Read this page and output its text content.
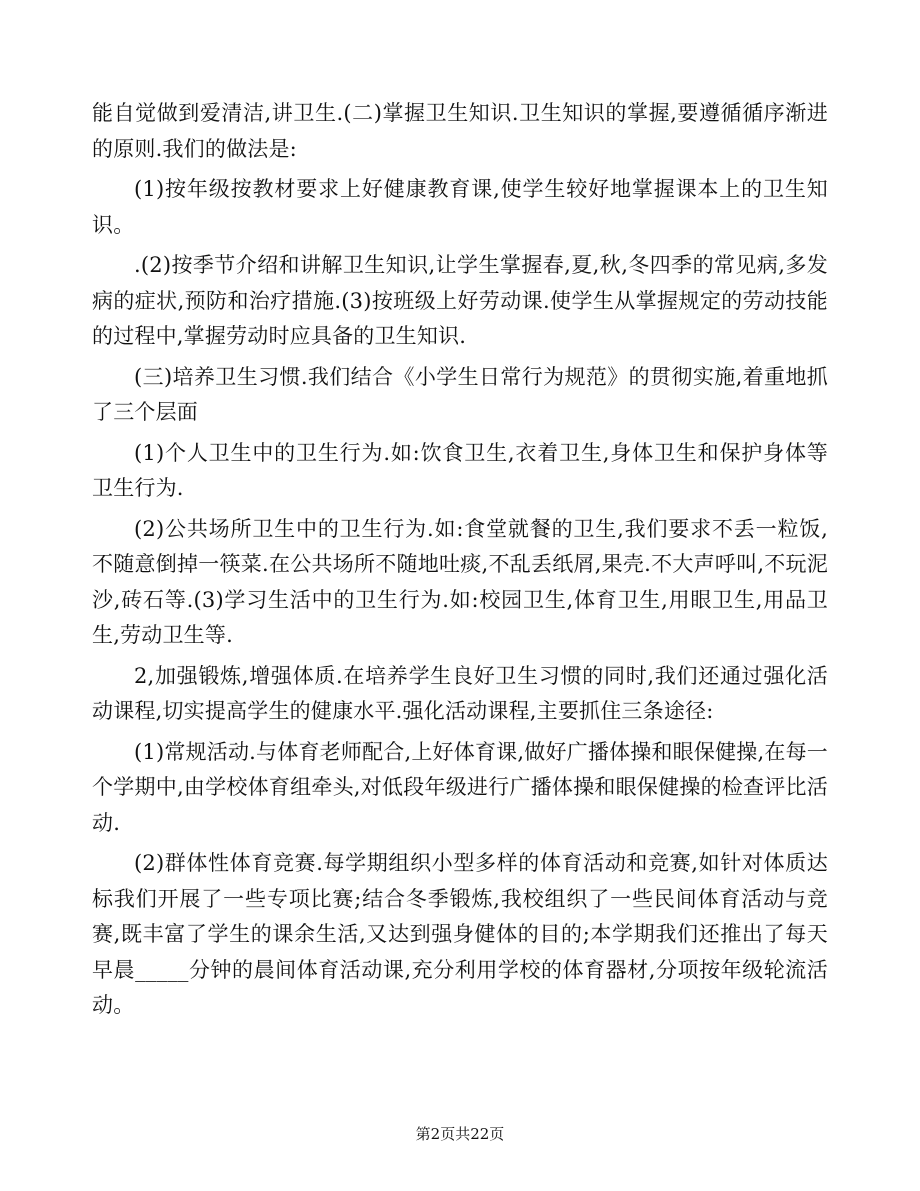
能自觉做到爱清洁,讲卫生.(二)掌握卫生知识.卫生知识的掌握,要遵循循序渐进的原则.我们的做法是:

(1)按年级按教材要求上好健康教育课,使学生较好地掌握课本上的卫生知识。

.(2)按季节介绍和讲解卫生知识,让学生掌握春,夏,秋,冬四季的常见病,多发病的症状,预防和治疗措施.(3)按班级上好劳动课.使学生从掌握规定的劳动技能的过程中,掌握劳动时应具备的卫生知识.

(三)培养卫生习惯.我们结合《小学生日常行为规范》的贯彻实施,着重地抓了三个层面

(1)个人卫生中的卫生行为.如:饮食卫生,衣着卫生,身体卫生和保护身体等卫生行为.

(2)公共场所卫生中的卫生行为.如:食堂就餐的卫生,我们要求不丢一粒饭,不随意倒掉一筷菜.在公共场所不随地吐痰,不乱丢纸屑,果壳.不大声呼叫,不玩泥沙,砖石等.(3)学习生活中的卫生行为.如:校园卫生,体育卫生,用眼卫生,用品卫生,劳动卫生等.

2,加强锻炼,增强体质.在培养学生良好卫生习惯的同时,我们还通过强化活动课程,切实提高学生的健康水平.强化活动课程,主要抓住三条途径:

(1)常规活动.与体育老师配合,上好体育课,做好广播体操和眼保健操,在每一个学期中,由学校体育组牵头,对低段年级进行广播体操和眼保健操的检查评比活动.

(2)群体性体育竞赛.每学期组织小型多样的体育活动和竞赛,如针对体质达标我们开展了一些专项比赛;结合冬季锻炼,我校组织了一些民间体育活动与竞赛,既丰富了学生的课余生活,又达到强身健体的目的;本学期我们还推出了每天早晨_____分钟的晨间体育活动课,充分利用学校的体育器材,分项按年级轮流活动。

第2页共22页
